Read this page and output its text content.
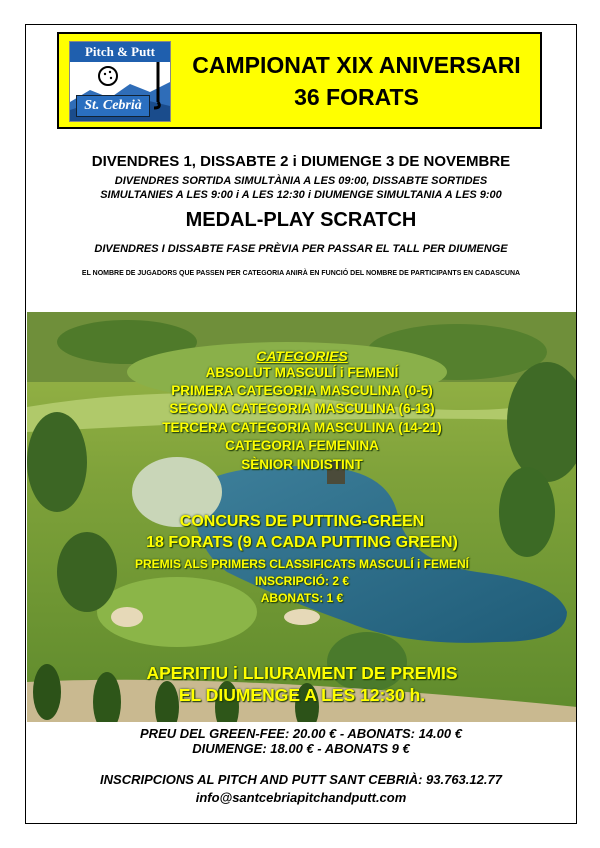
Pitch & Putt
St. Cebrià
CAMPIONAT XIX ANIVERSARI
36 FORATS
DIVENDRES 1, DISSABTE 2 i DIUMENGE 3 DE NOVEMBRE
DIVENDRES SORTIDA SIMULTÀNIA A LES 09:00, DISSABTE SORTIDES
SIMULTANIES A LES 9:00 i A LES 12:30 i DIUMENGE SIMULTANIA A LES 9:00
MEDAL-PLAY SCRATCH
DIVENDRES I DISSABTE FASE PRÈVIA PER PASSAR EL TALL PER DIUMENGE
EL NOMBRE DE JUGADORS QUE PASSEN PER CATEGORIA ANIRÀ EN FUNCIÓ DEL NOMBRE DE PARTICIPANTS EN CADASCUNA
CATEGORIES
ABSOLUT MASCULÍ i FEMENÍ
PRIMERA CATEGORIA MASCULINA (0-5)
SEGONA CATEGORIA MASCULINA (6-13)
TERCERA CATEGORIA MASCULINA (14-21)
CATEGORIA FEMENINA
SÈNIOR INDISTINT
CONCURS DE PUTTING-GREEN
18 FORATS (9 A CADA PUTTING GREEN)
PREMIS ALS PRIMERS CLASSIFICATS MASCULÍ i FEMENÍ
INSCRIPCIÓ: 2 €
ABONATS: 1 €
APERITIU i LLIURAMENT DE PREMIS
EL DIUMENGE A LES 12:30 h.
PREU DEL GREEN-FEE: 20.00 € - ABONATS: 14.00 €
DIUMENGE: 18.00 € - ABONATS 9 €
INSCRIPCIONS AL PITCH AND PUTT SANT CEBRIÀ: 93.763.12.77
info@santcebriapitchandputt.com
